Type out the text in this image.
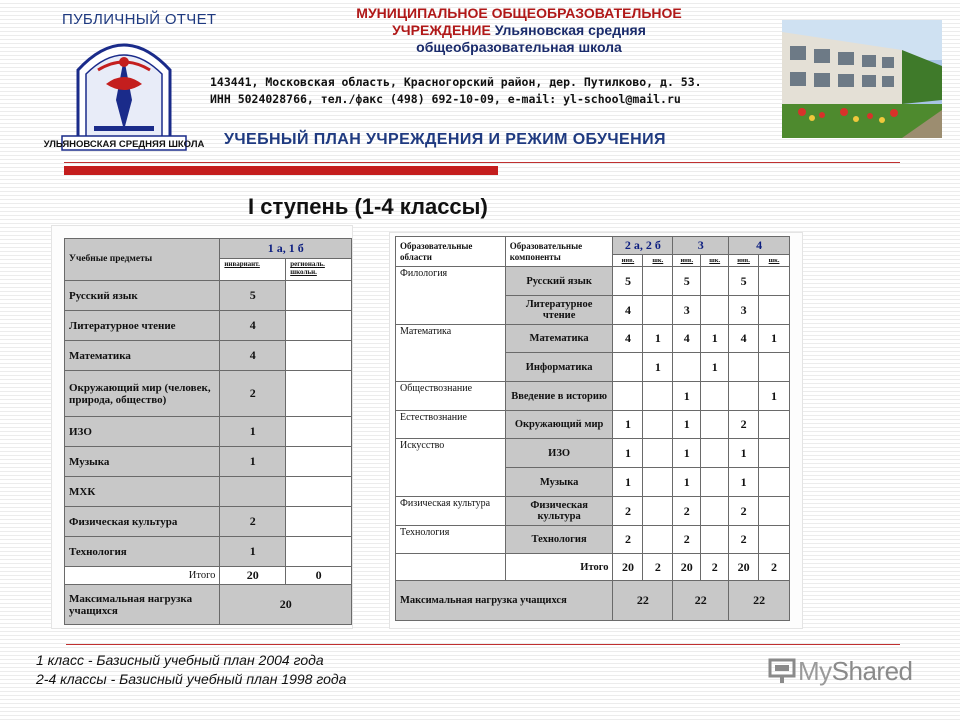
ПУБЛИЧНЫЙ ОТЧЕТ
УЛЬЯНОВСКАЯ СРЕДНЯЯ ШКОЛА
МУНИЦИПАЛЬНОЕ ОБЩЕОБРАЗОВАТЕЛЬНОЕ
УЧРЕЖДЕНИЕ Ульяновская средняя
общеобразовательная школа
143441, Московская область, Красногорский район, дер. Путилково, д. 53.
ИНН 5024028766, тел./факс (498) 692-10-09, e-mail: yl-school@mail.ru
УЧЕБНЫЙ ПЛАН УЧРЕЖДЕНИЯ И РЕЖИМ ОБУЧЕНИЯ
I ступень (1-4 классы)
Учебные предметы	1 а, 1 б	
	инвариант.	региональ. школьн.
Русский язык	5	
Литературное чтение	4	
Математика	4	
Окружающий мир (человек, природа, общество)	2	
ИЗО	1	
Музыка	1	
МХК		
Физическая культура	2	
Технология	1	
Итого	20	0
Максимальная нагрузка учащихся	20	
Образовательные области	Образовательные компоненты	2 а, 2 б		3		4	
		инв.	шк.	инв.	шк.	инв.	шк.
Филология	Русский язык	5		5		5	
	Литературное чтение	4		3		3	
Математика	Математика	4	1	4	1	4	1
	Информатика		1		1		
Обществознание	Введение в историю			1			1
Естествознание	Окружающий мир	1		1		2	
Искусство	ИЗО	1		1		1	
	Музыка	1		1		1	
Физическая культура	Физическая культура	2		2		2	
Технология	Технология	2		2		2	
	Итого	20	2	20	2	20	2
Максимальная нагрузка учащихся		22		22		22	
1 класс - Базисный учебный план 2004 года
2-4 классы - Базисный учебный план 1998 года	MyShared
